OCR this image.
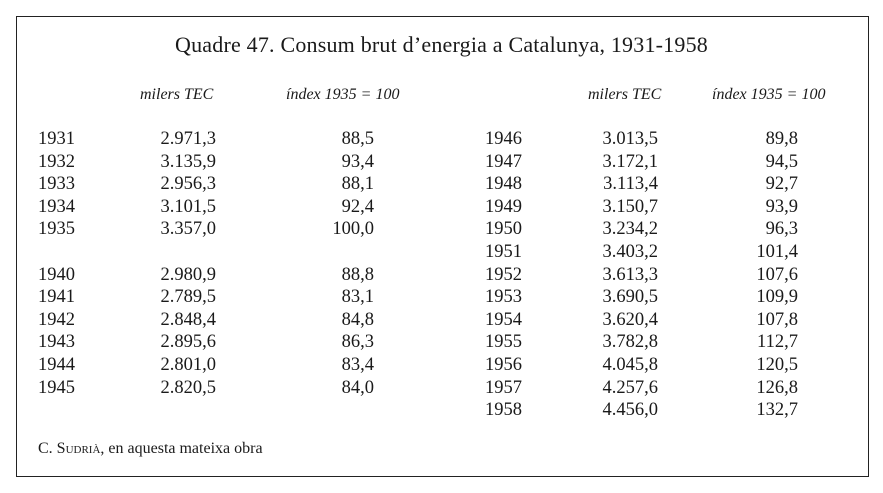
Quadre 47. Consum brut d’energia a Catalunya, 1931-1958
milers TEC	índex 1935 = 100	milers TEC	índex 1935 = 100
1931	2.971,3	88,5
1932	3.135,9	93,4
1933	2.956,3	88,1
1934	3.101,5	92,4
1935	3.357,0	100,0
1940	2.980,9	88,8
1941	2.789,5	83,1
1942	2.848,4	84,8
1943	2.895,6	86,3
1944	2.801,0	83,4
1945	2.820,5	84,0
1946	3.013,5	89,8
1947	3.172,1	94,5
1948	3.113,4	92,7
1949	3.150,7	93,9
1950	3.234,2	96,3
1951	3.403,2	101,4
1952	3.613,3	107,6
1953	3.690,5	109,9
1954	3.620,4	107,8
1955	3.782,8	112,7
1956	4.045,8	120,5
1957	4.257,6	126,8
1958	4.456,0	132,7
C. Sudrià, en aquesta mateixa obra
